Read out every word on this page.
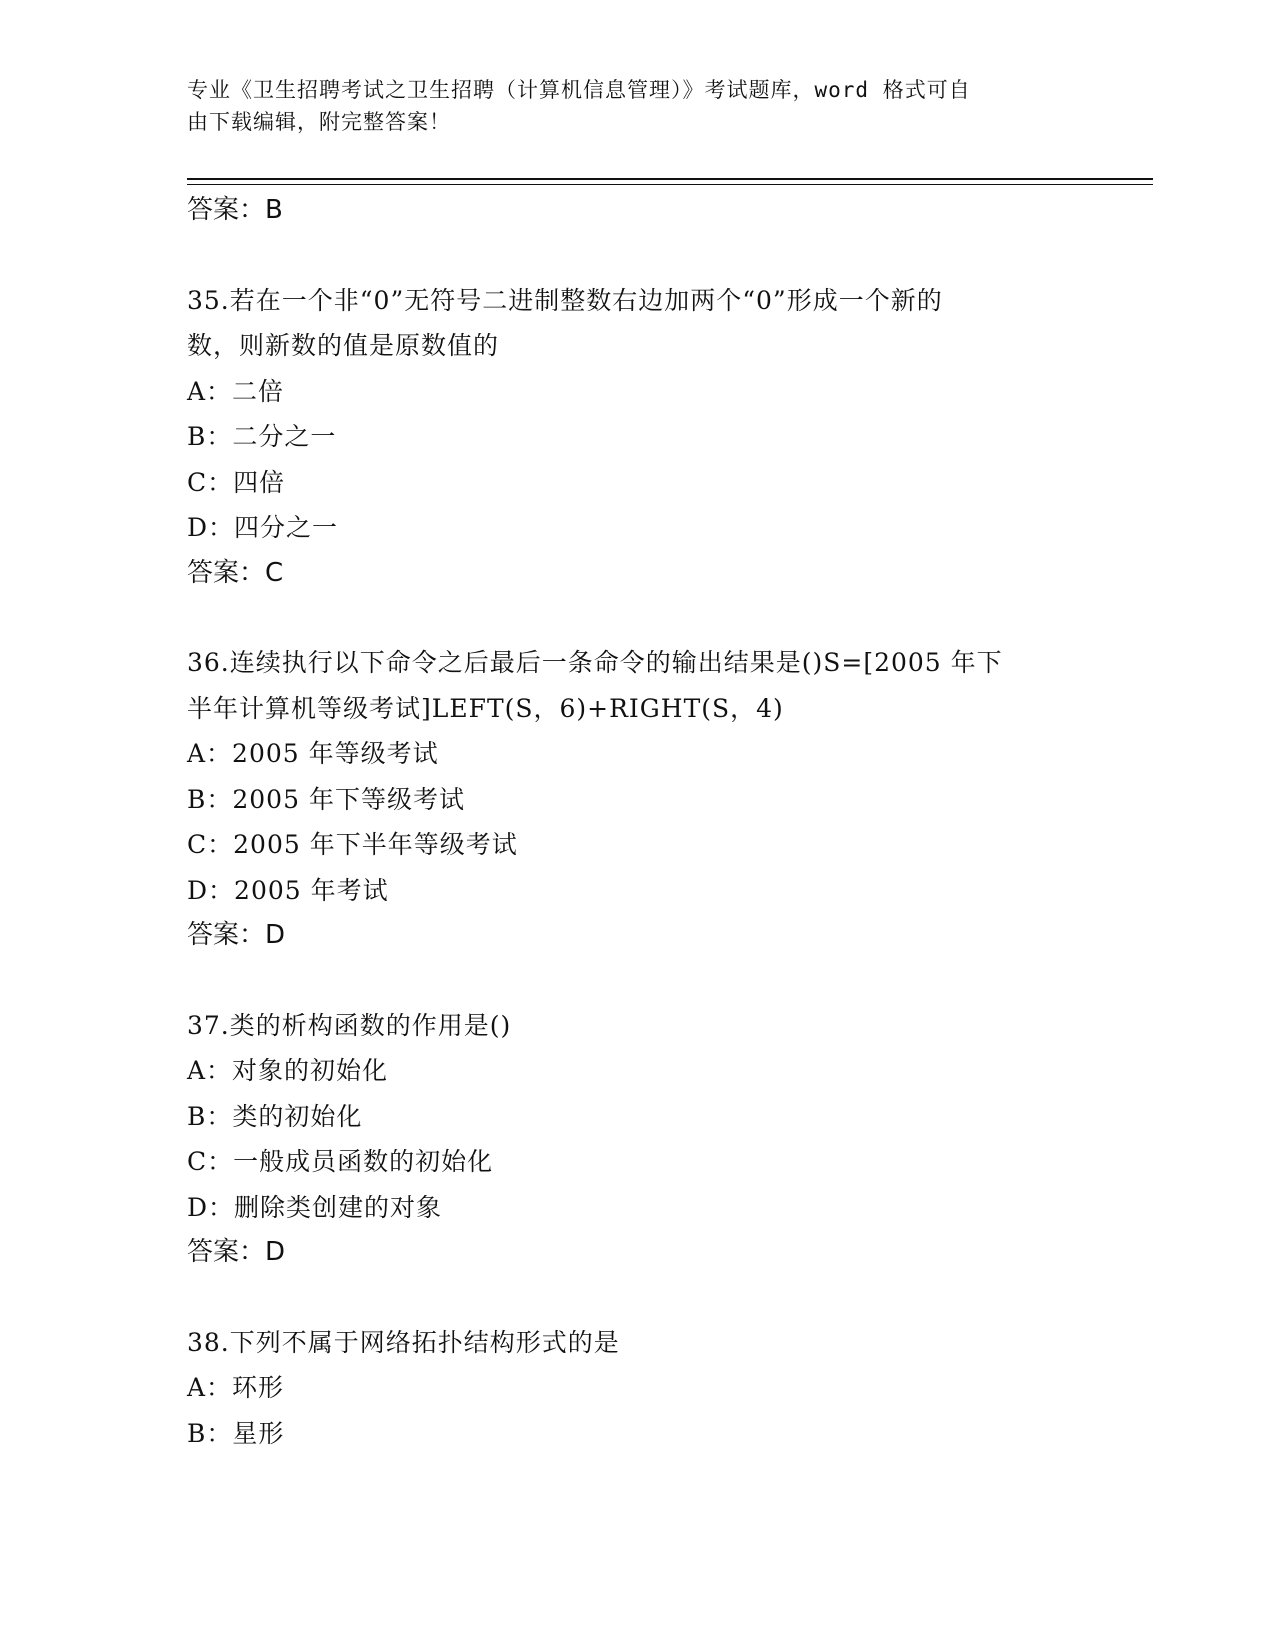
专业《卫生招聘考试之卫生招聘（计算机信息管理）》考试题库，word 格式可自
由下载编辑，附完整答案！
答案：B
35.若在一个非“0”无符号二进制整数右边加两个“0”形成一个新的
数，则新数的值是原数值的
A：二倍
B：二分之一
C：四倍
D：四分之一
答案：C
36.连续执行以下命令之后最后一条命令的输出结果是()S=[2005 年下
半年计算机等级考试]LEFT(S，6)+RIGHT(S，4)
A：2005 年等级考试
B：2005 年下等级考试
C：2005 年下半年等级考试
D：2005 年考试
答案：D
37.类的析构函数的作用是()
A：对象的初始化
B：类的初始化
C：一般成员函数的初始化
D：删除类创建的对象
答案：D
38.下列不属于网络拓扑结构形式的是
A：环形
B：星形
